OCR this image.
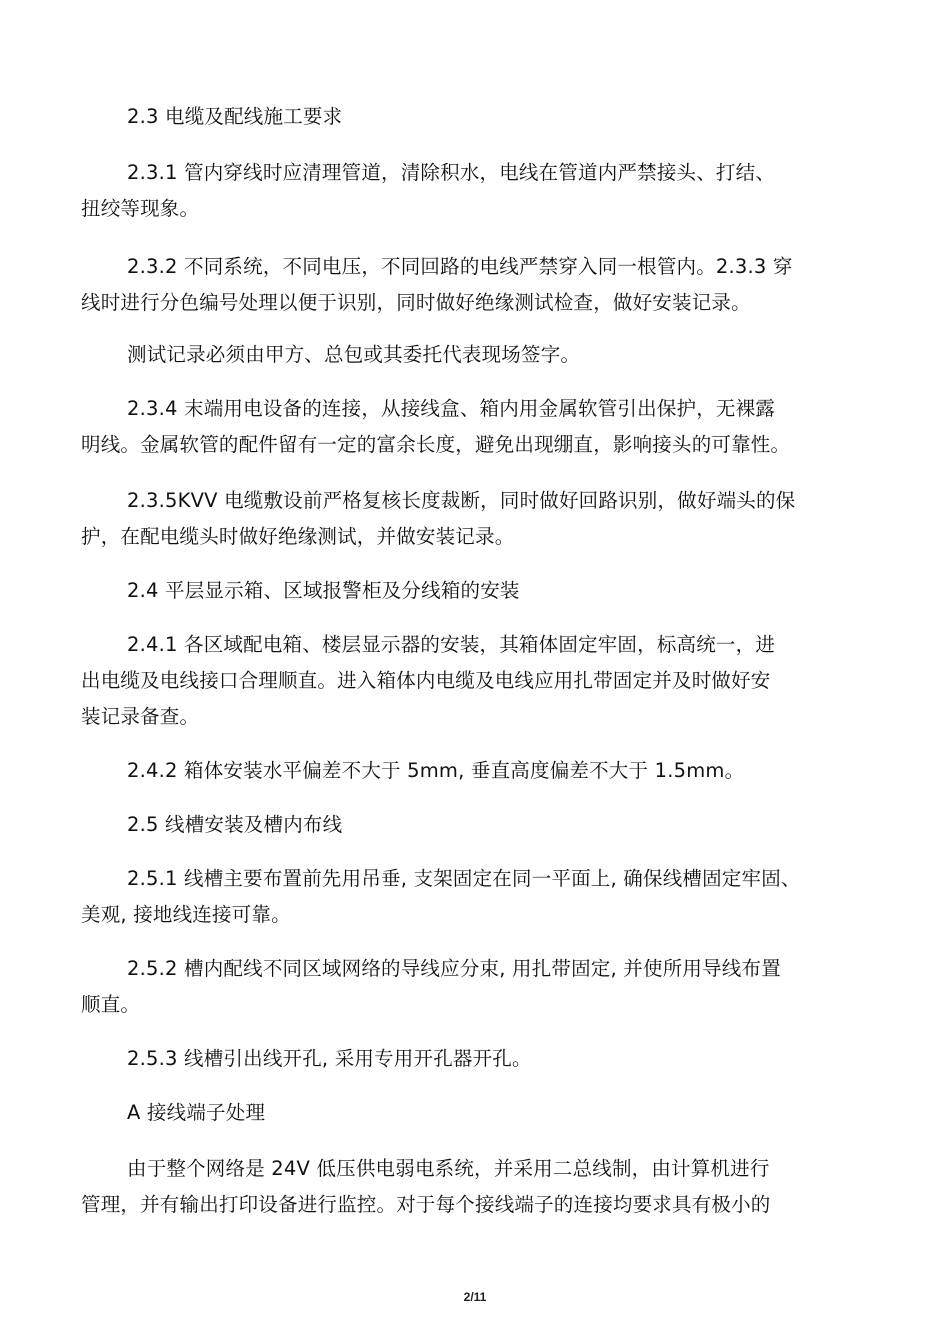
2.3 电缆及配线施工要求
2.3.1 管内穿线时应清理管道，清除积水，电线在管道内严禁接头、打结、
扭绞等现象。
2.3.2 不同系统，不同电压，不同回路的电线严禁穿入同一根管内。2.3.3 穿
线时进行分色编号处理以便于识别，同时做好绝缘测试检查，做好安装记录。
测试记录必须由甲方、总包或其委托代表现场签字。
2.3.4 末端用电设备的连接，从接线盒、箱内用金属软管引出保护，无裸露
明线。金属软管的配件留有一定的富余长度，避免出现绷直，影响接头的可靠性。
2.3.5KVV 电缆敷设前严格复核长度裁断，同时做好回路识别，做好端头的保
护，在配电缆头时做好绝缘测试，并做安装记录。
2.4 平层显示箱、区域报警柜及分线箱的安装
2.4.1 各区域配电箱、楼层显示器的安装，其箱体固定牢固，标高统一，进
出电缆及电线接口合理顺直。进入箱体内电缆及电线应用扎带固定并及时做好安
装记录备查。
2.4.2 箱体安装水平偏差不大于 5mm, 垂直高度偏差不大于 1.5mm。
2.5 线槽安装及槽内布线
2.5.1 线槽主要布置前先用吊垂, 支架固定在同一平面上, 确保线槽固定牢固、
美观, 接地线连接可靠。
2.5.2 槽内配线不同区域网络的导线应分束, 用扎带固定, 并使所用导线布置
顺直。
2.5.3 线槽引出线开孔, 采用专用开孔器开孔。
A 接线端子处理
由于整个网络是 24V 低压供电弱电系统，并采用二总线制，由计算机进行
管理，并有输出打印设备进行监控。对于每个接线端子的连接均要求具有极小的
2/11
